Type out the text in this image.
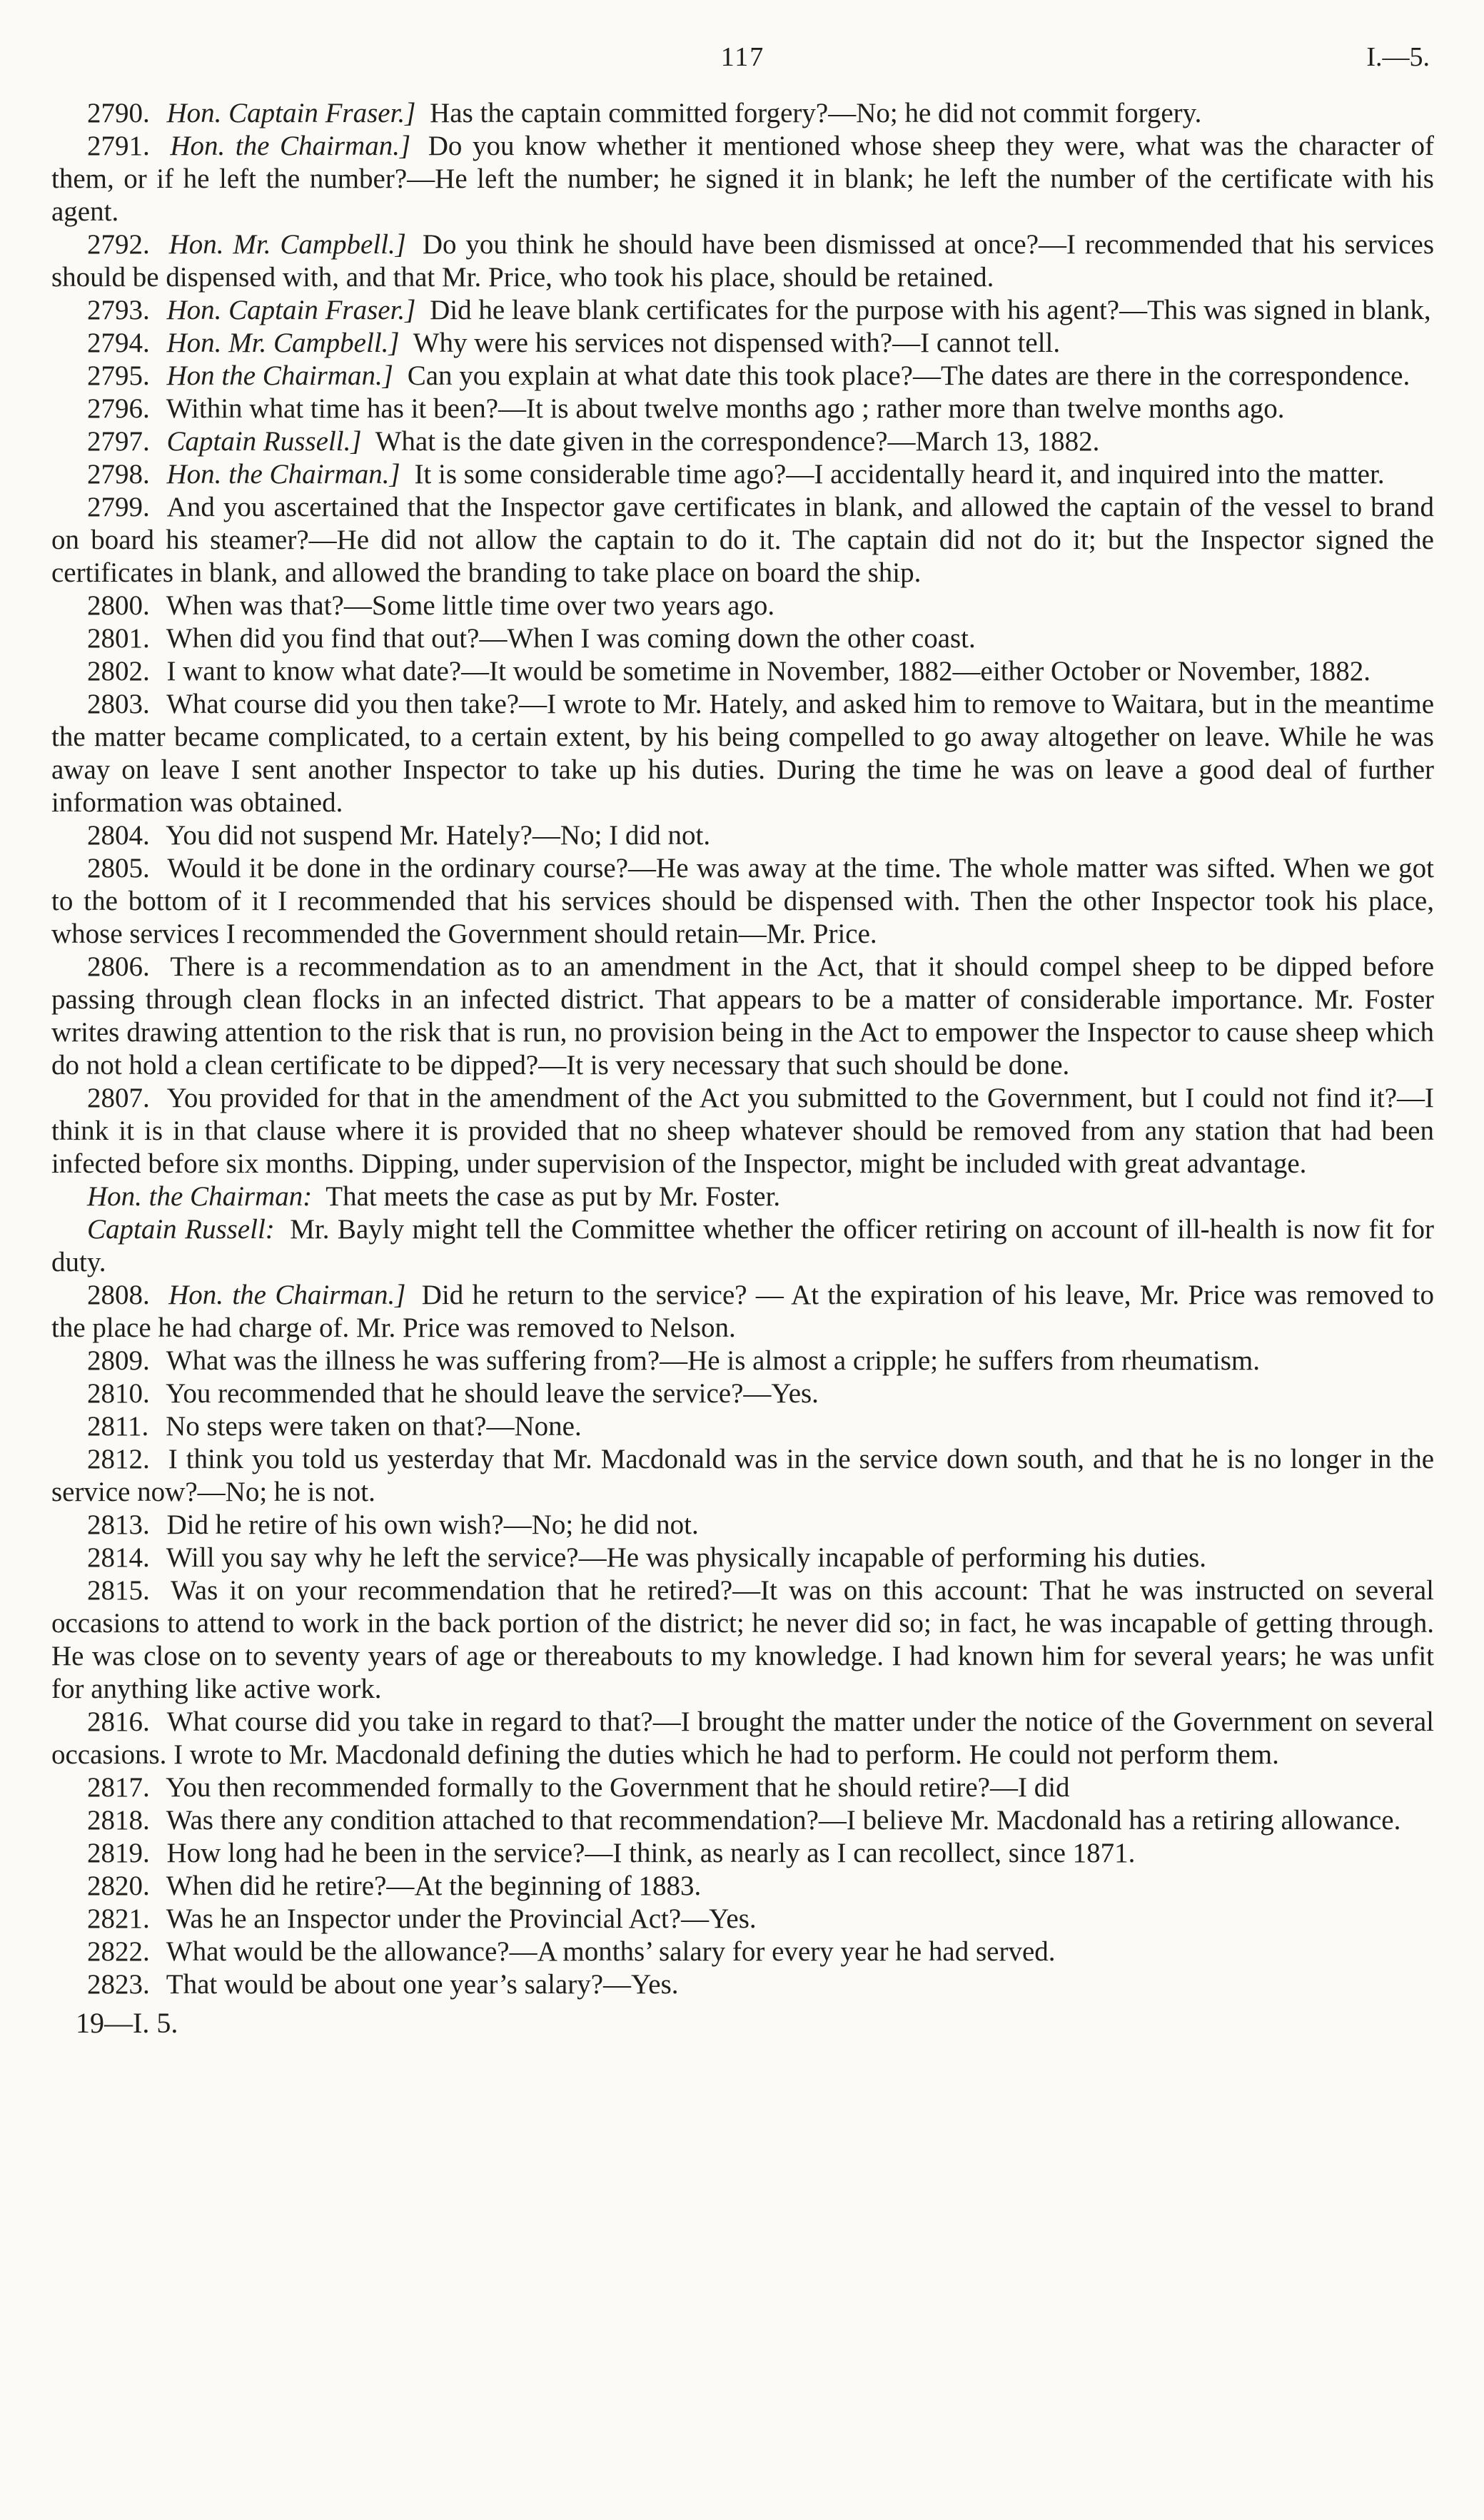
117	I.—5.

2790. Hon. Captain Fraser.] Has the captain committed forgery?—No; he did not commit forgery.

2791. Hon. the Chairman.] Do you know whether it mentioned whose sheep they were, what was the character of them, or if he left the number?—He left the number; he signed it in blank; he left the number of the certificate with his agent.

2792. Hon. Mr. Campbell.] Do you think he should have been dismissed at once?—I recommended that his services should be dispensed with, and that Mr. Price, who took his place, should be retained.

2793. Hon. Captain Fraser.] Did he leave blank certificates for the purpose with his agent?—This was signed in blank,

2794. Hon. Mr. Campbell.] Why were his services not dispensed with?—I cannot tell.

2795. Hon the Chairman.] Can you explain at what date this took place?—The dates are there in the correspondence.

2796. Within what time has it been?—It is about twelve months ago ; rather more than twelve months ago.

2797. Captain Russell.] What is the date given in the correspondence?—March 13, 1882.

2798. Hon. the Chairman.] It is some considerable time ago?—I accidentally heard it, and inquired into the matter.

2799. And you ascertained that the Inspector gave certificates in blank, and allowed the captain of the vessel to brand on board his steamer?—He did not allow the captain to do it. The captain did not do it; but the Inspector signed the certificates in blank, and allowed the branding to take place on board the ship.

2800. When was that?—Some little time over two years ago.

2801. When did you find that out?—When I was coming down the other coast.

2802. I want to know what date?—It would be sometime in November, 1882—either October or November, 1882.

2803. What course did you then take?—I wrote to Mr. Hately, and asked him to remove to Waitara, but in the meantime the matter became complicated, to a certain extent, by his being compelled to go away altogether on leave. While he was away on leave I sent another Inspector to take up his duties. During the time he was on leave a good deal of further information was obtained.

2804. You did not suspend Mr. Hately?—No; I did not.

2805. Would it be done in the ordinary course?—He was away at the time. The whole matter was sifted. When we got to the bottom of it I recommended that his services should be dispensed with. Then the other Inspector took his place, whose services I recommended the Government should retain—Mr. Price.

2806. There is a recommendation as to an amendment in the Act, that it should compel sheep to be dipped before passing through clean flocks in an infected district. That appears to be a matter of considerable importance. Mr. Foster writes drawing attention to the risk that is run, no provision being in the Act to empower the Inspector to cause sheep which do not hold a clean certificate to be dipped?—It is very necessary that such should be done.

2807. You provided for that in the amendment of the Act you submitted to the Government, but I could not find it?—I think it is in that clause where it is provided that no sheep whatever should be removed from any station that had been infected before six months. Dipping, under supervision of the Inspector, might be included with great advantage.

Hon. the Chairman: That meets the case as put by Mr. Foster.

Captain Russell: Mr. Bayly might tell the Committee whether the officer retiring on account of ill-health is now fit for duty.

2808. Hon. the Chairman.] Did he return to the service? — At the expiration of his leave, Mr. Price was removed to the place he had charge of. Mr. Price was removed to Nelson.

2809. What was the illness he was suffering from?—He is almost a cripple; he suffers from rheumatism.

2810. You recommended that he should leave the service?—Yes.

2811. No steps were taken on that?—None.

2812. I think you told us yesterday that Mr. Macdonald was in the service down south, and that he is no longer in the service now?—No; he is not.

2813. Did he retire of his own wish?—No; he did not.

2814. Will you say why he left the service?—He was physically incapable of performing his duties.

2815. Was it on your recommendation that he retired?—It was on this account: That he was instructed on several occasions to attend to work in the back portion of the district; he never did so; in fact, he was incapable of getting through. He was close on to seventy years of age or thereabouts to my knowledge. I had known him for several years; he was unfit for anything like active work.

2816. What course did you take in regard to that?—I brought the matter under the notice of the Government on several occasions. I wrote to Mr. Macdonald defining the duties which he had to perform. He could not perform them.

2817. You then recommended formally to the Government that he should retire?—I did

2818. Was there any condition attached to that recommendation?—I believe Mr. Macdonald has a retiring allowance.

2819. How long had he been in the service?—I think, as nearly as I can recollect, since 1871.

2820. When did he retire?—At the beginning of 1883.

2821. Was he an Inspector under the Provincial Act?—Yes.

2822. What would be the allowance?—A months’ salary for every year he had served.

2823. That would be about one year’s salary?—Yes.

19—I. 5.
